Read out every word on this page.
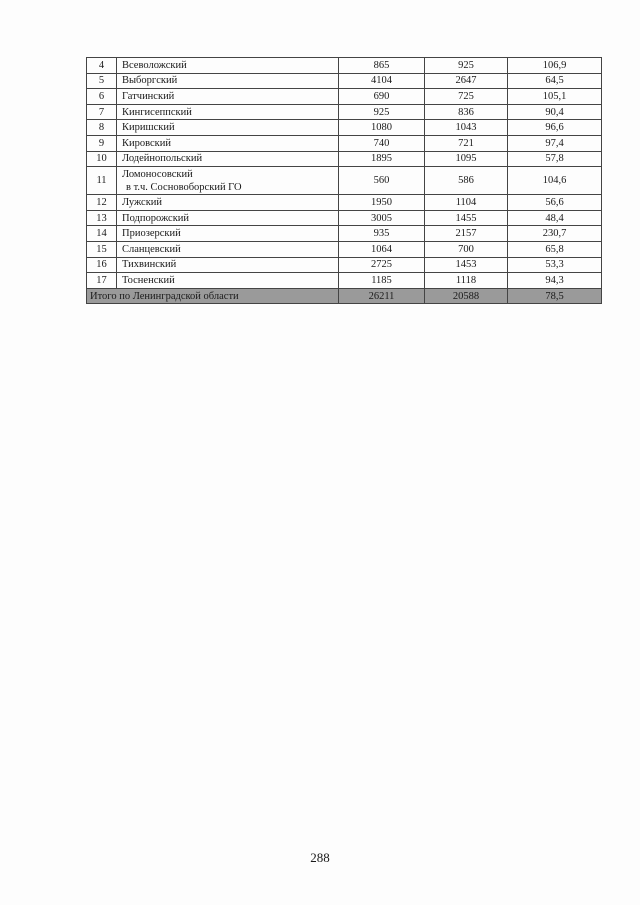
4	Всеволожский	865	925	106,9
5	Выборгский	4104	2647	64,5
6	Гатчинский	690	725	105,1
7	Кингисеппский	925	836	90,4
8	Киришский	1080	1043	96,6
9	Кировский	740	721	97,4
10	Лодейнопольский	1895	1095	57,8
11	Ломоносовский
в т.ч. Сосновоборский ГО	560	586	104,6
12	Лужский	1950	1104	56,6
13	Подпорожский	3005	1455	48,4
14	Приозерский	935	2157	230,7
15	Сланцевский	1064	700	65,8
16	Тихвинский	2725	1453	53,3
17	Тосненский	1185	1118	94,3
Итого по Ленинградской области		26211	20588	78,5
288
